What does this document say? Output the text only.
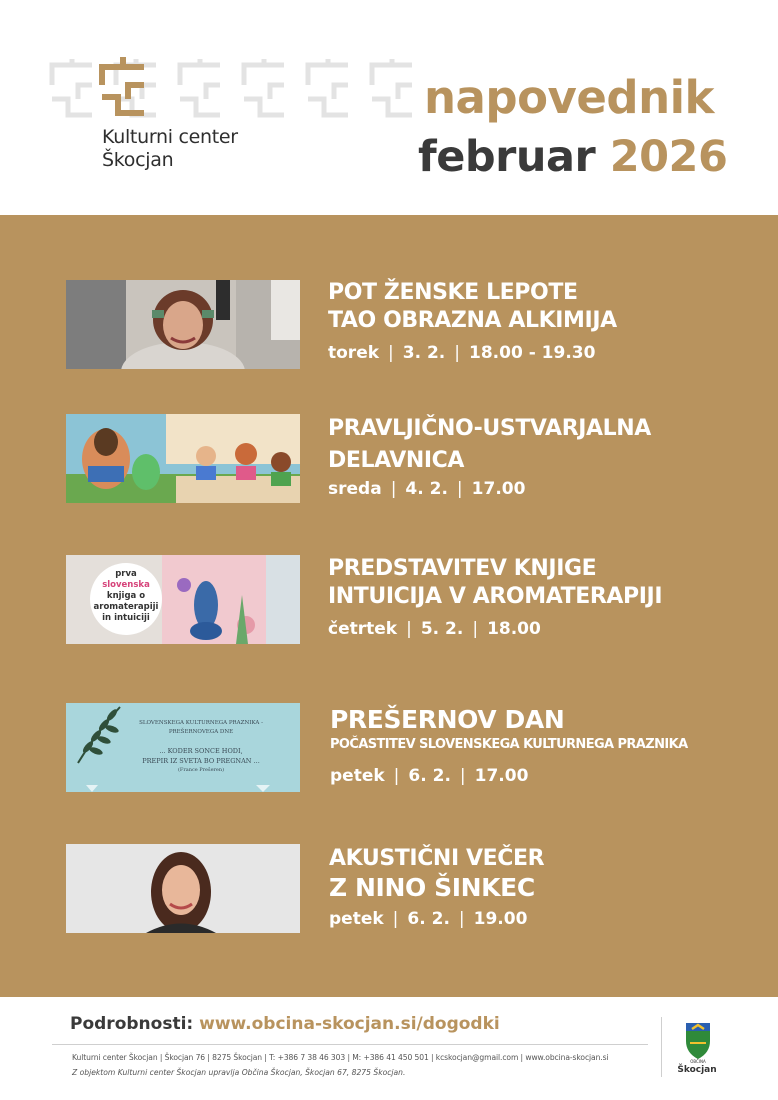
Kulturni center
Škocjan
napovednik
februar 2026
POT ŽENSKE LEPOTE
TAO OBRAZNA ALKIMIJA
torek | 3. 2. | 18.00 - 19.30
PRAVLJIČNO-USTVARJALNA
DELAVNICA
sreda | 4. 2. | 17.00
prva
slovenska
knjiga o
aromaterapiji
in intuiciji
PREDSTAVITEV KNJIGE
INTUICIJA V AROMATERAPIJI
četrtek | 5. 2. | 18.00
SLOVENSKEGA KULTURNEGA PRAZNIKA -
PREŠERNOVEGA DNE
... KODER SONCE HODI,
PREPIR IZ SVETA BO PREGNAN ...
(France Prešeren)
PREŠERNOV DAN
POČASTITEV SLOVENSKEGA KULTURNEGA PRAZNIKA
petek | 6. 2. | 17.00
AKUSTIČNI VEČER
Z NINO ŠINKEC
petek | 6. 2. | 19.00
Podrobnosti: www.obcina-skocjan.si/dogodki
Kulturni center Škocjan | Škocjan 76 | 8275 Škocjan | T: +386 7 38 46 303 | M: +386 41 450 501 | kcskocjan@gmail.com | www.obcina-skocjan.si
Z objektom Kulturni center Škocjan upravlja Občina Škocjan, Škocjan 67, 8275 Škocjan.
OBČINA
Škocjan
